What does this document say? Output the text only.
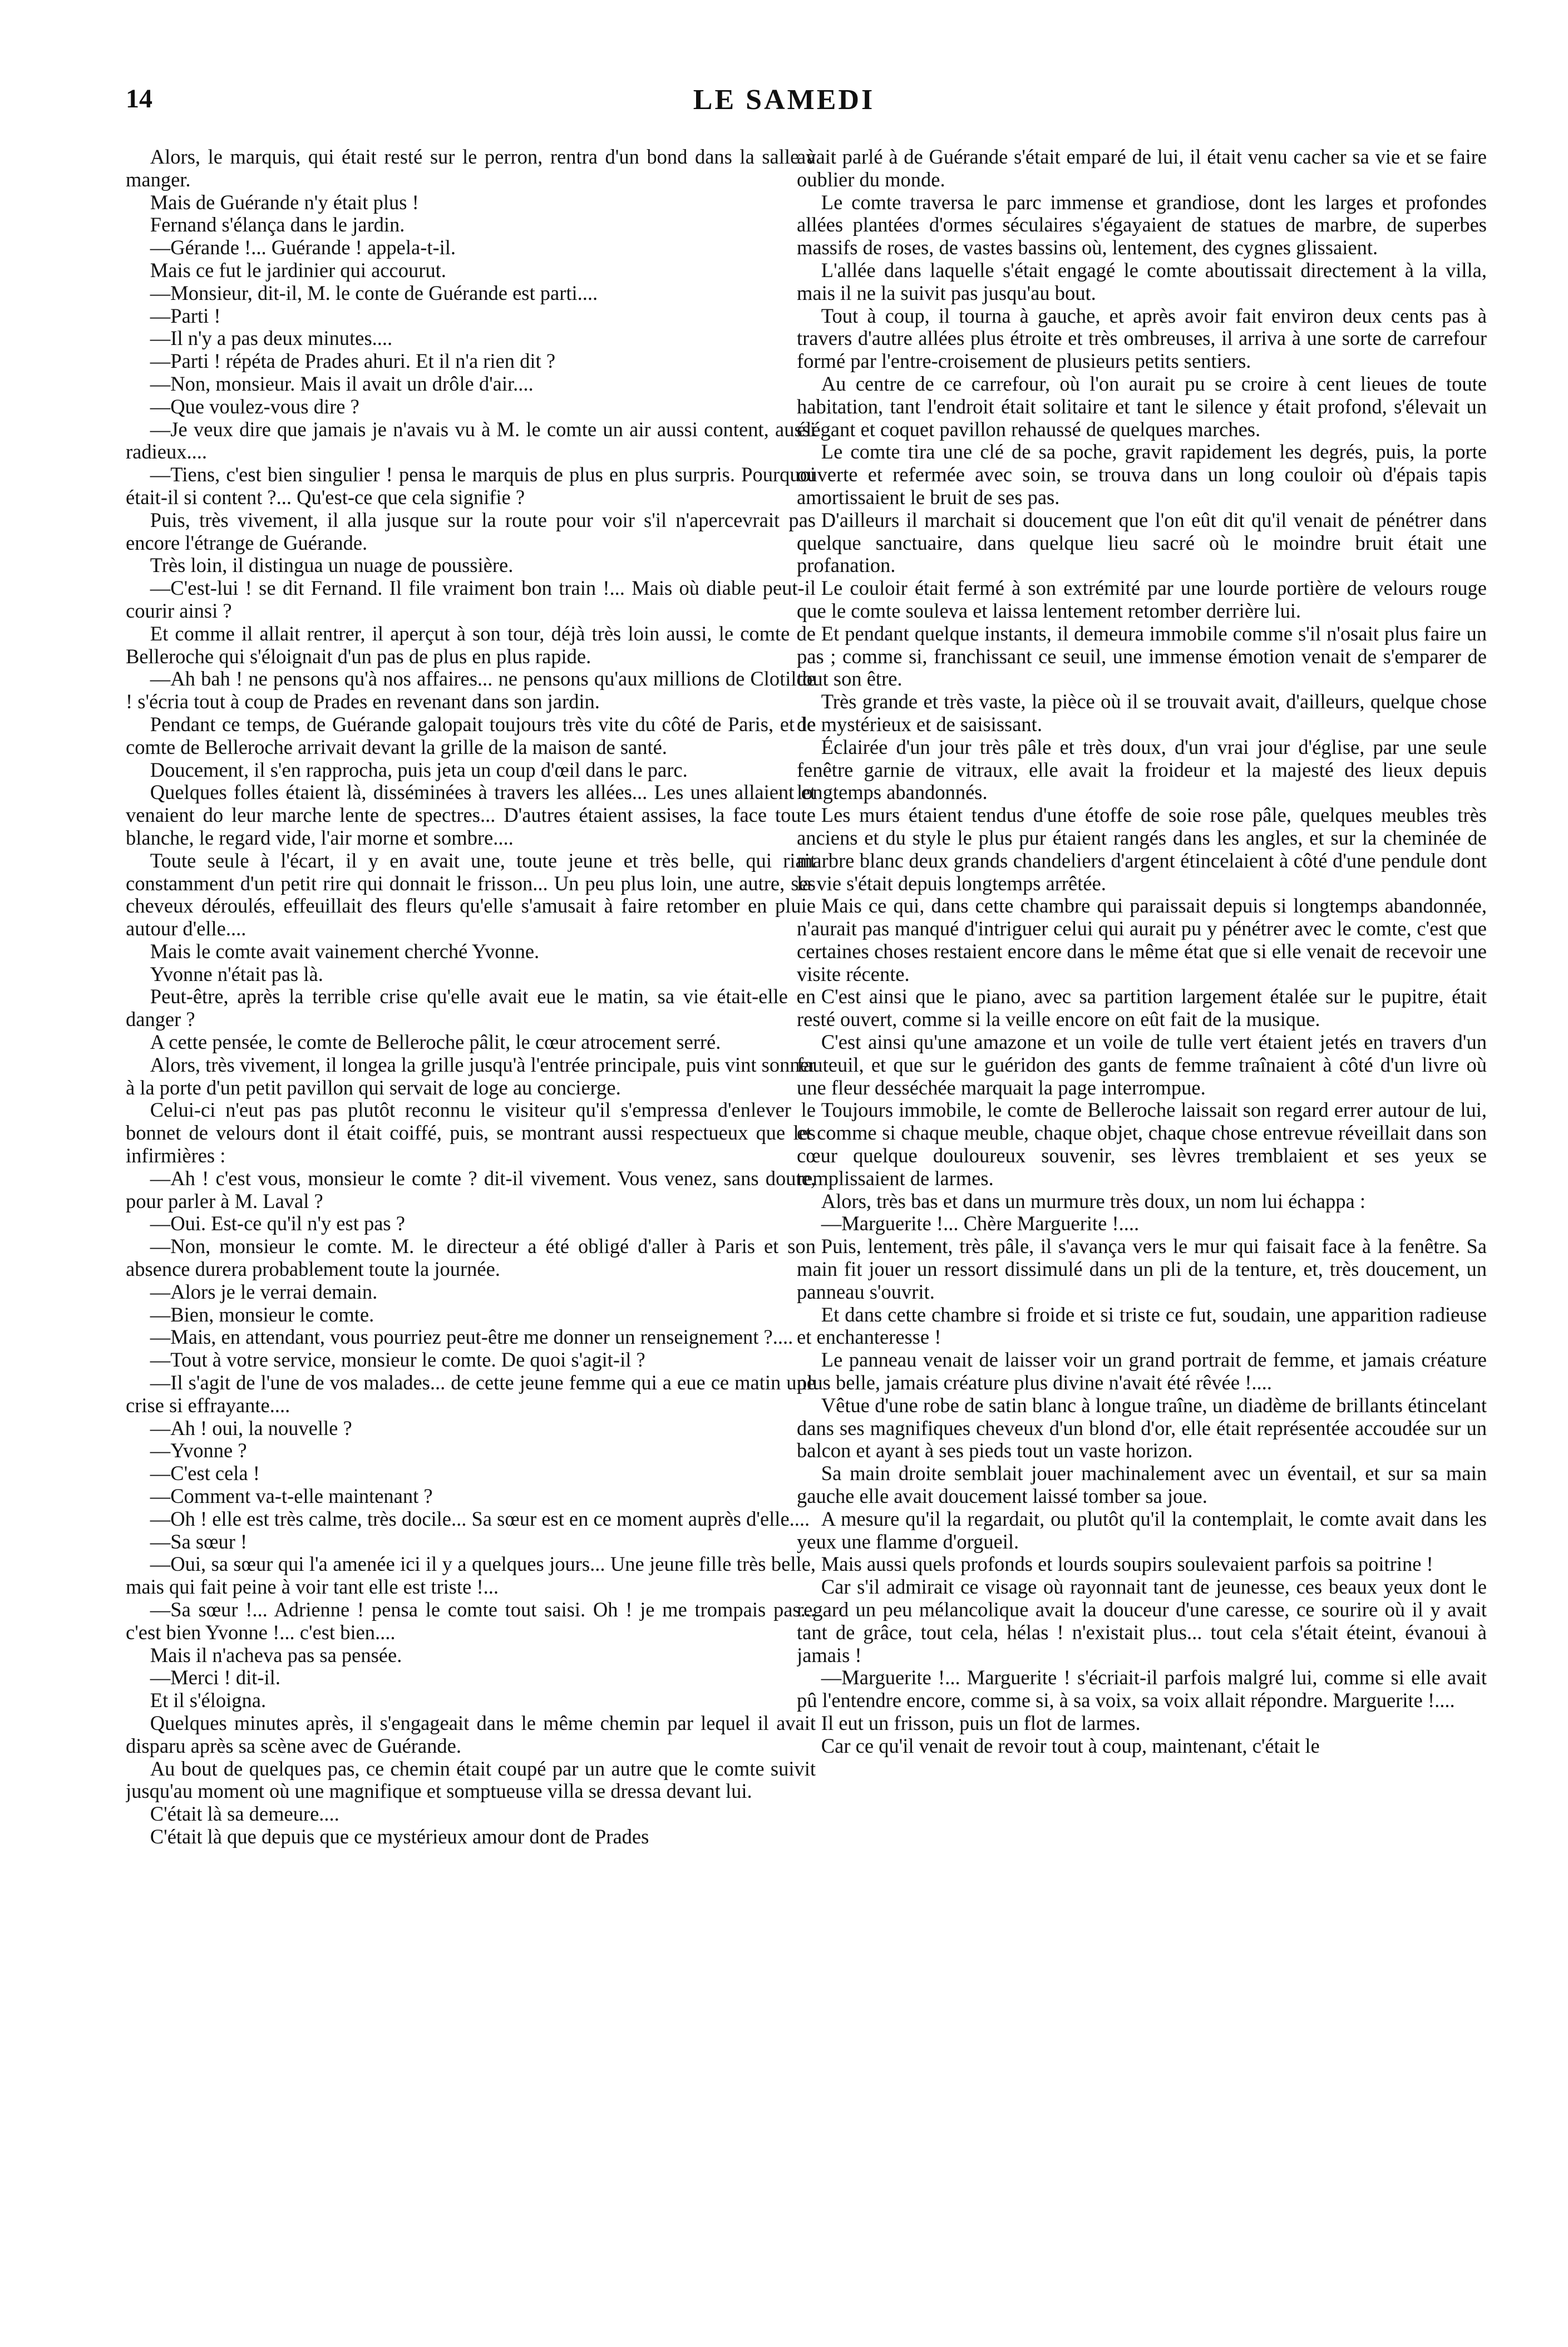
14	LE SAMEDI

Alors, le marquis, qui était resté sur le perron, rentra d'un bond dans la salle à manger.

Mais de Guérande n'y était plus !

Fernand s'élança dans le jardin.

—Gérande !... Guérande ! appela-t-il.

Mais ce fut le jardinier qui accourut.

—Monsieur, dit-il, M. le conte de Guérande est parti....

—Parti !

—Il n'y a pas deux minutes....

—Parti ! répéta de Prades ahuri. Et il n'a rien dit ?

—Non, monsieur. Mais il avait un drôle d'air....

—Que voulez-vous dire ?

—Je veux dire que jamais je n'avais vu à M. le comte un air aussi content, aussi radieux....

—Tiens, c'est bien singulier ! pensa le marquis de plus en plus surpris. Pourquoi était-il si content ?... Qu'est-ce que cela signifie ?

Puis, très vivement, il alla jusque sur la route pour voir s'il n'apercevrait pas encore l'étrange de Guérande.

Très loin, il distingua un nuage de poussière.

—C'est-lui ! se dit Fernand. Il file vraiment bon train !... Mais où diable peut-il courir ainsi ?

Et comme il allait rentrer, il aperçut à son tour, déjà très loin aussi, le comte de Belleroche qui s'éloignait d'un pas de plus en plus rapide.

—Ah bah ! ne pensons qu'à nos affaires... ne pensons qu'aux millions de Clotilde ! s'écria tout à coup de Prades en revenant dans son jardin.

Pendant ce temps, de Guérande galopait toujours très vite du côté de Paris, et le comte de Belleroche arrivait devant la grille de la maison de santé.

Doucement, il s'en rapprocha, puis jeta un coup d'œil dans le parc.

Quelques folles étaient là, disséminées à travers les allées... Les unes allaient et venaient do leur marche lente de spectres... D'autres étaient assises, la face toute blanche, le regard vide, l'air morne et sombre....

Toute seule à l'écart, il y en avait une, toute jeune et très belle, qui riait constamment d'un petit rire qui donnait le frisson... Un peu plus loin, une autre, ses cheveux déroulés, effeuillait des fleurs qu'elle s'amusait à faire retomber en pluie autour d'elle....

Mais le comte avait vainement cherché Yvonne.

Yvonne n'était pas là.

Peut-être, après la terrible crise qu'elle avait eue le matin, sa vie était-elle en danger ?

A cette pensée, le comte de Belleroche pâlit, le cœur atrocement serré.

Alors, très vivement, il longea la grille jusqu'à l'entrée principale, puis vint sonner à la porte d'un petit pavillon qui servait de loge au concierge.

Celui-ci n'eut pas pas plutôt reconnu le visiteur qu'il s'empressa d'enlever le bonnet de velours dont il était coiffé, puis, se montrant aussi respectueux que les infirmières :

—Ah ! c'est vous, monsieur le comte ? dit-il vivement. Vous venez, sans doute, pour parler à M. Laval ?

—Oui. Est-ce qu'il n'y est pas ?

—Non, monsieur le comte. M. le directeur a été obligé d'aller à Paris et son absence durera probablement toute la journée.

—Alors je le verrai demain.

—Bien, monsieur le comte.

—Mais, en attendant, vous pourriez peut-être me donner un renseignement ?....

—Tout à votre service, monsieur le comte. De quoi s'agit-il ?

—Il s'agit de l'une de vos malades... de cette jeune femme qui a eue ce matin une crise si effrayante....

—Ah ! oui, la nouvelle ?

—Yvonne ?

—C'est cela !

—Comment va-t-elle maintenant ?

—Oh ! elle est très calme, très docile... Sa sœur est en ce moment auprès d'elle....

—Sa sœur !

—Oui, sa sœur qui l'a amenée ici il y a quelques jours... Une jeune fille très belle, mais qui fait peine à voir tant elle est triste !...

—Sa sœur !... Adrienne ! pensa le comte tout saisi. Oh ! je me trompais pas... c'est bien Yvonne !... c'est bien....

Mais il n'acheva pas sa pensée.

—Merci ! dit-il.

Et il s'éloigna.

Quelques minutes après, il s'engageait dans le même chemin par lequel il avait disparu après sa scène avec de Guérande.

Au bout de quelques pas, ce chemin était coupé par un autre que le comte suivit jusqu'au moment où une magnifique et somptueuse villa se dressa devant lui.

C'était là sa demeure....

C'était là que depuis que ce mystérieux amour dont de Prades

avait parlé à de Guérande s'était emparé de lui, il était venu cacher sa vie et se faire oublier du monde.

Le comte traversa le parc immense et grandiose, dont les larges et profondes allées plantées d'ormes séculaires s'égayaient de statues de marbre, de superbes massifs de roses, de vastes bassins où, lentement, des cygnes glissaient.

L'allée dans laquelle s'était engagé le comte aboutissait directement à la villa, mais il ne la suivit pas jusqu'au bout.

Tout à coup, il tourna à gauche, et après avoir fait environ deux cents pas à travers d'autre allées plus étroite et très ombreuses, il arriva à une sorte de carrefour formé par l'entre-croisement de plusieurs petits sentiers.

Au centre de ce carrefour, où l'on aurait pu se croire à cent lieues de toute habitation, tant l'endroit était solitaire et tant le silence y était profond, s'élevait un élégant et coquet pavillon rehaussé de quelques marches.

Le comte tira une clé de sa poche, gravit rapidement les degrés, puis, la porte ouverte et refermée avec soin, se trouva dans un long couloir où d'épais tapis amortissaient le bruit de ses pas.

D'ailleurs il marchait si doucement que l'on eût dit qu'il venait de pénétrer dans quelque sanctuaire, dans quelque lieu sacré où le moindre bruit était une profanation.

Le couloir était fermé à son extrémité par une lourde portière de velours rouge que le comte souleva et laissa lentement retomber derrière lui.

Et pendant quelque instants, il demeura immobile comme s'il n'osait plus faire un pas ; comme si, franchissant ce seuil, une immense émotion venait de s'emparer de tout son être.

Très grande et très vaste, la pièce où il se trouvait avait, d'ailleurs, quelque chose de mystérieux et de saisissant.

Éclairée d'un jour très pâle et très doux, d'un vrai jour d'église, par une seule fenêtre garnie de vitraux, elle avait la froideur et la majesté des lieux depuis longtemps abandonnés.

Les murs étaient tendus d'une étoffe de soie rose pâle, quelques meubles très anciens et du style le plus pur étaient rangés dans les angles, et sur la cheminée de marbre blanc deux grands chandeliers d'argent étincelaient à côté d'une pendule dont la vie s'était depuis longtemps arrêtée.

Mais ce qui, dans cette chambre qui paraissait depuis si longtemps abandonnée, n'aurait pas manqué d'intriguer celui qui aurait pu y pénétrer avec le comte, c'est que certaines choses restaient encore dans le même état que si elle venait de recevoir une visite récente.

C'est ainsi que le piano, avec sa partition largement étalée sur le pupitre, était resté ouvert, comme si la veille encore on eût fait de la musique.

C'est ainsi qu'une amazone et un voile de tulle vert étaient jetés en travers d'un fauteuil, et que sur le guéridon des gants de femme traînaient à côté d'un livre où une fleur desséchée marquait la page interrompue.

Toujours immobile, le comte de Belleroche laissait son regard errer autour de lui, et comme si chaque meuble, chaque objet, chaque chose entrevue réveillait dans son cœur quelque douloureux souvenir, ses lèvres tremblaient et ses yeux se remplissaient de larmes.

Alors, très bas et dans un murmure très doux, un nom lui échappa :

—Marguerite !... Chère Marguerite !....

Puis, lentement, très pâle, il s'avança vers le mur qui faisait face à la fenêtre. Sa main fit jouer un ressort dissimulé dans un pli de la tenture, et, très doucement, un panneau s'ouvrit.

Et dans cette chambre si froide et si triste ce fut, soudain, une apparition radieuse et enchanteresse !

Le panneau venait de laisser voir un grand portrait de femme, et jamais créature plus belle, jamais créature plus divine n'avait été rêvée !....

Vêtue d'une robe de satin blanc à longue traîne, un diadème de brillants étincelant dans ses magnifiques cheveux d'un blond d'or, elle était représentée accoudée sur un balcon et ayant à ses pieds tout un vaste horizon.

Sa main droite semblait jouer machinalement avec un éventail, et sur sa main gauche elle avait doucement laissé tomber sa joue.

A mesure qu'il la regardait, ou plutôt qu'il la contemplait, le comte avait dans les yeux une flamme d'orgueil.

Mais aussi quels profonds et lourds soupirs soulevaient parfois sa poitrine !

Car s'il admirait ce visage où rayonnait tant de jeunesse, ces beaux yeux dont le regard un peu mélancolique avait la douceur d'une caresse, ce sourire où il y avait tant de grâce, tout cela, hélas ! n'existait plus... tout cela s'était éteint, évanoui à jamais !

—Marguerite !... Marguerite ! s'écriait-il parfois malgré lui, comme si elle avait pû l'entendre encore, comme si, à sa voix, sa voix allait répondre. Marguerite !....

Il eut un frisson, puis un flot de larmes.

Car ce qu'il venait de revoir tout à coup, maintenant, c'était le
